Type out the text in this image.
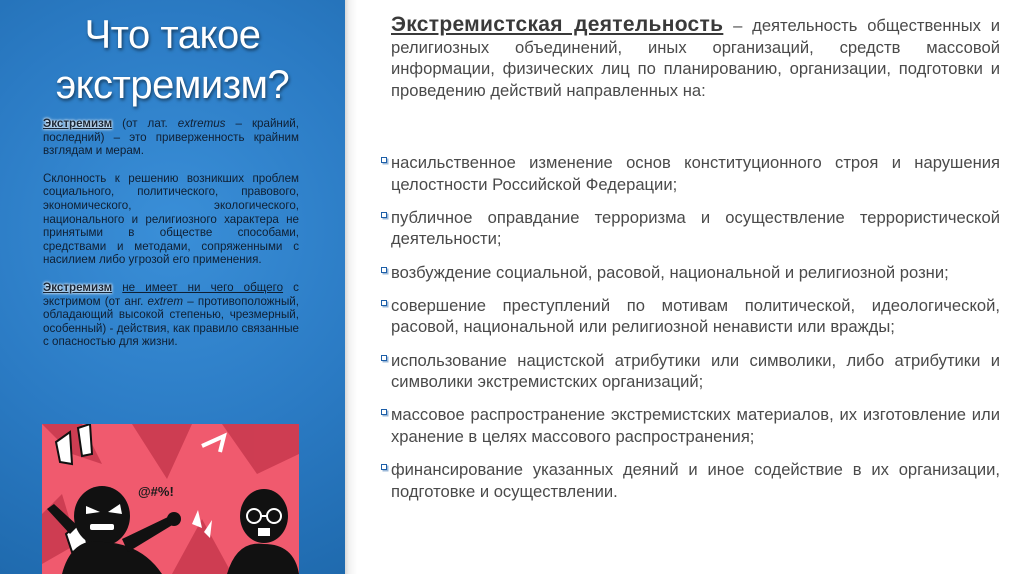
Что такое
экстремизм?

Экстремизм (от лат. extremus – крайний, последний) – это приверженность крайним взглядам и мерам.

Склонность к решению возникших проблем социального, политического, правового, экономического, экологического, национального и религиозного характера не принятыми в обществе способами, средствами и методами, сопряженными с насилием либо угрозой его применения.

Экстремизм не имеет ни чего общего с экстримом (от анг. extrem – противоположный, обладающий высокой степенью, чрезмерный, особенный) - действия, как правило связанные с опасностью для жизни.

@#%!

Экстремистская деятельность – деятельность общественных и религиозных объединений, иных организаций, средств массовой информации, физических лиц по планированию, организации, подготовки и проведению действий направленных на:

насильственное изменение основ конституционного строя и нарушения целостности Российской Федерации;
публичное оправдание терроризма и осуществление террористической деятельности;
возбуждение социальной, расовой, национальной и религиозной розни;
совершение преступлений по мотивам политической, идеологической, расовой, национальной или религиозной ненависти или вражды;
использование нацистской атрибутики или символики, либо атрибутики и символики экстремистских организаций;
массовое распространение экстремистских материалов, их изготовление или хранение в целях массового распространения;
финансирование указанных деяний и иное содействие в их организации, подготовке и осуществлении.
